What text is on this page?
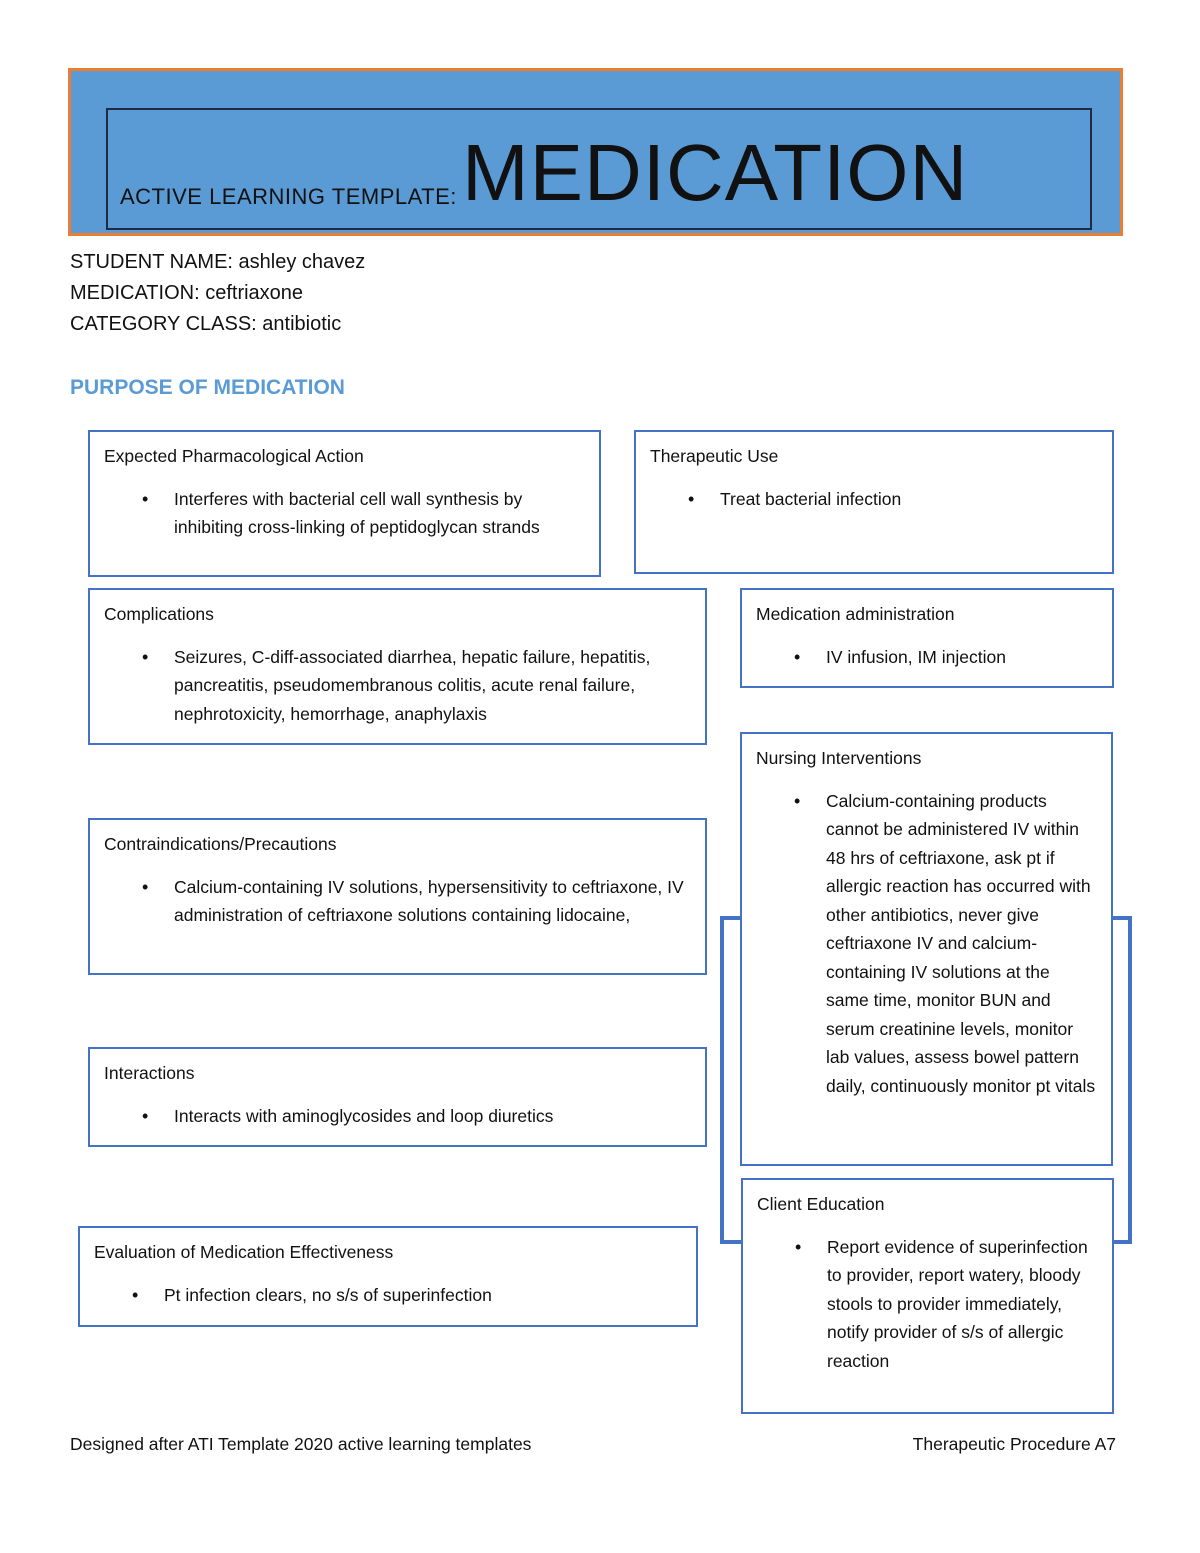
ACTIVE LEARNING TEMPLATE: MEDICATION
STUDENT NAME: ashley chavez
MEDICATION: ceftriaxone
CATEGORY CLASS: antibiotic
PURPOSE OF MEDICATION
Expected Pharmacological Action
• Interferes with bacterial cell wall synthesis by inhibiting cross-linking of peptidoglycan strands
Therapeutic Use
• Treat bacterial infection
Complications
• Seizures, C-diff-associated diarrhea, hepatic failure, hepatitis, pancreatitis, pseudomembranous colitis, acute renal failure, nephrotoxicity, hemorrhage, anaphylaxis
Medication administration
• IV infusion, IM injection
Nursing Interventions
• Calcium-containing products cannot be administered IV within 48 hrs of ceftriaxone, ask pt if allergic reaction has occurred with other antibiotics, never give ceftriaxone IV and calcium-containing IV solutions at the same time, monitor BUN and serum creatinine levels, monitor lab values, assess bowel pattern daily, continuously monitor pt vitals
Contraindications/Precautions
• Calcium-containing IV solutions, hypersensitivity to ceftriaxone, IV administration of ceftriaxone solutions containing lidocaine,
Interactions
• Interacts with aminoglycosides and loop diuretics
Client Education
• Report evidence of superinfection to provider, report watery, bloody stools to provider immediately, notify provider of s/s of allergic reaction
Evaluation of Medication Effectiveness
• Pt infection clears, no s/s of superinfection
Designed after ATI Template 2020 active learning templates	Therapeutic Procedure A7
